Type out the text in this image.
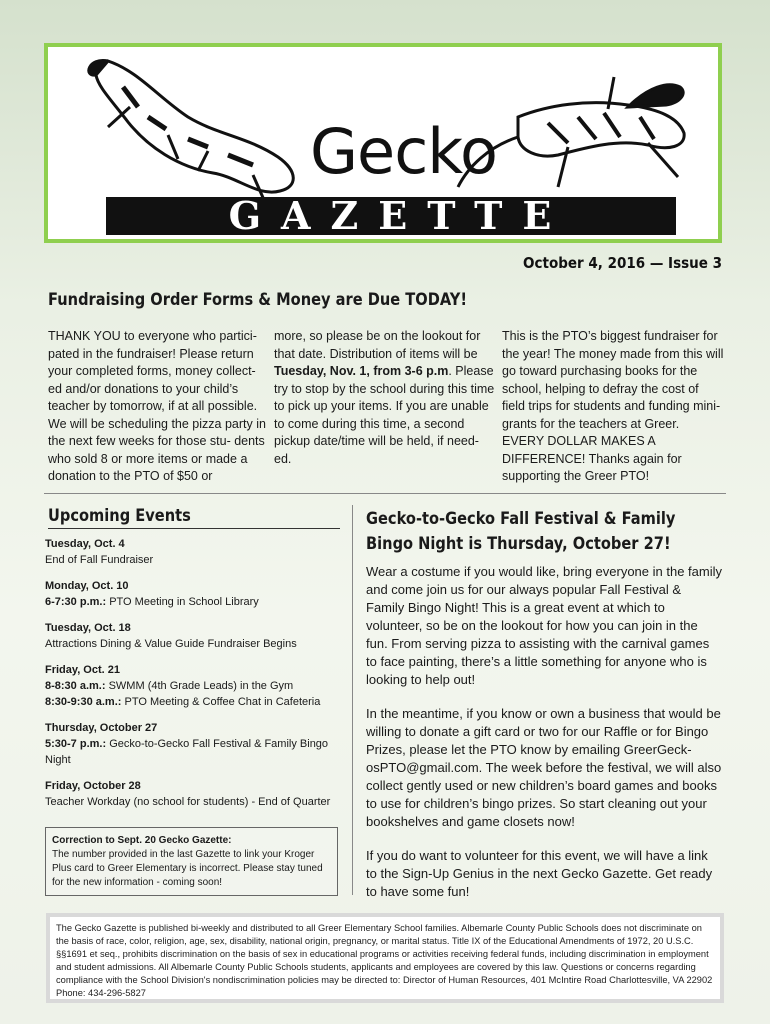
Gecko
GAZETTE
October 4, 2016 — Issue 3
Fundraising Order Forms & Money are Due TODAY!
THANK YOU to everyone who partici- pated in the fundraiser! Please return your completed forms, money collect- ed and/or donations to your child’s teacher by tomorrow, if at all possible. We will be scheduling the pizza party in the next few weeks for those stu- dents who sold 8 or more items or made a donation to the PTO of $50 or
more, so please be on the lookout for that date. Distribution of items will be Tuesday, Nov. 1, from 3-6 p.m. Please try to stop by the school during this time to pick up your items. If you are unable to come during this time, a second pickup date/time will be held, if need- ed.
This is the PTO’s biggest fundraiser for the year! The money made from this will go toward purchasing books for the school, helping to defray the cost of field trips for students and funding mini-grants for the teachers at Greer. EVERY DOLLAR MAKES A DIFFERENCE! Thanks again for supporting the Greer PTO!
Upcoming Events
Tuesday, Oct. 4
End of Fall Fundraiser
Monday, Oct. 10
6-7:30 p.m.: PTO Meeting in School Library
Tuesday, Oct. 18
Attractions Dining & Value Guide Fundraiser Begins
Friday, Oct. 21
8-8:30 a.m.: SWMM (4th Grade Leads) in the Gym
8:30-9:30 a.m.: PTO Meeting & Coffee Chat in Cafeteria
Thursday, October 27
5:30-7 p.m.: Gecko-to-Gecko Fall Festival & Family Bingo Night
Friday, October 28
Teacher Workday (no school for students) - End of Quarter
Correction to Sept. 20 Gecko Gazette:
The number provided in the last Gazette to link your Kroger Plus card to Greer Elementary is incorrect. Please stay tuned for the new information - coming soon!
Gecko-to-Gecko Fall Festival & Family Bingo Night is Thursday, October 27!

Wear a costume if you would like, bring everyone in the family and come join us for our always popular Fall Festival & Family Bingo Night! This is a great event at which to volunteer, so be on the lookout for how you can join in the fun. From serving pizza to assisting with the carnival games to face painting, there’s a little something for anyone who is looking to help out!

In the meantime, if you know or own a business that would be willing to donate a gift card or two for our Raffle or for Bingo Prizes, please let the PTO know by emailing GreerGeck-osPTO@gmail.com. The week before the festival, we will also collect gently used or new children’s board games and books to use for children’s bingo prizes. So start cleaning out your bookshelves and game closets now!

If you do want to volunteer for this event, we will have a link to the Sign-Up Genius in the next Gecko Gazette. Get ready to have some fun!

The Gecko Gazette is published bi-weekly and distributed to all Greer Elementary School families. Albemarle County Public Schools does not discriminate on the basis of race, color, religion, age, sex, disability, national origin, pregnancy, or marital status. Title IX of the Educational Amendments of 1972, 20 U.S.C. §§1691 et seq., prohibits discrimination on the basis of sex in educational programs or activities receiving federal funds, including discrimination in employment and student admissions. All Albemarle County Public Schools students, applicants and employees are covered by this law. Questions or concerns regarding compliance with the School Division's nondiscrimination policies may be directed to: Director of Human Resources, 401 McIntire Road Charlottesville, VA 22902 Phone: 434-296-5827
